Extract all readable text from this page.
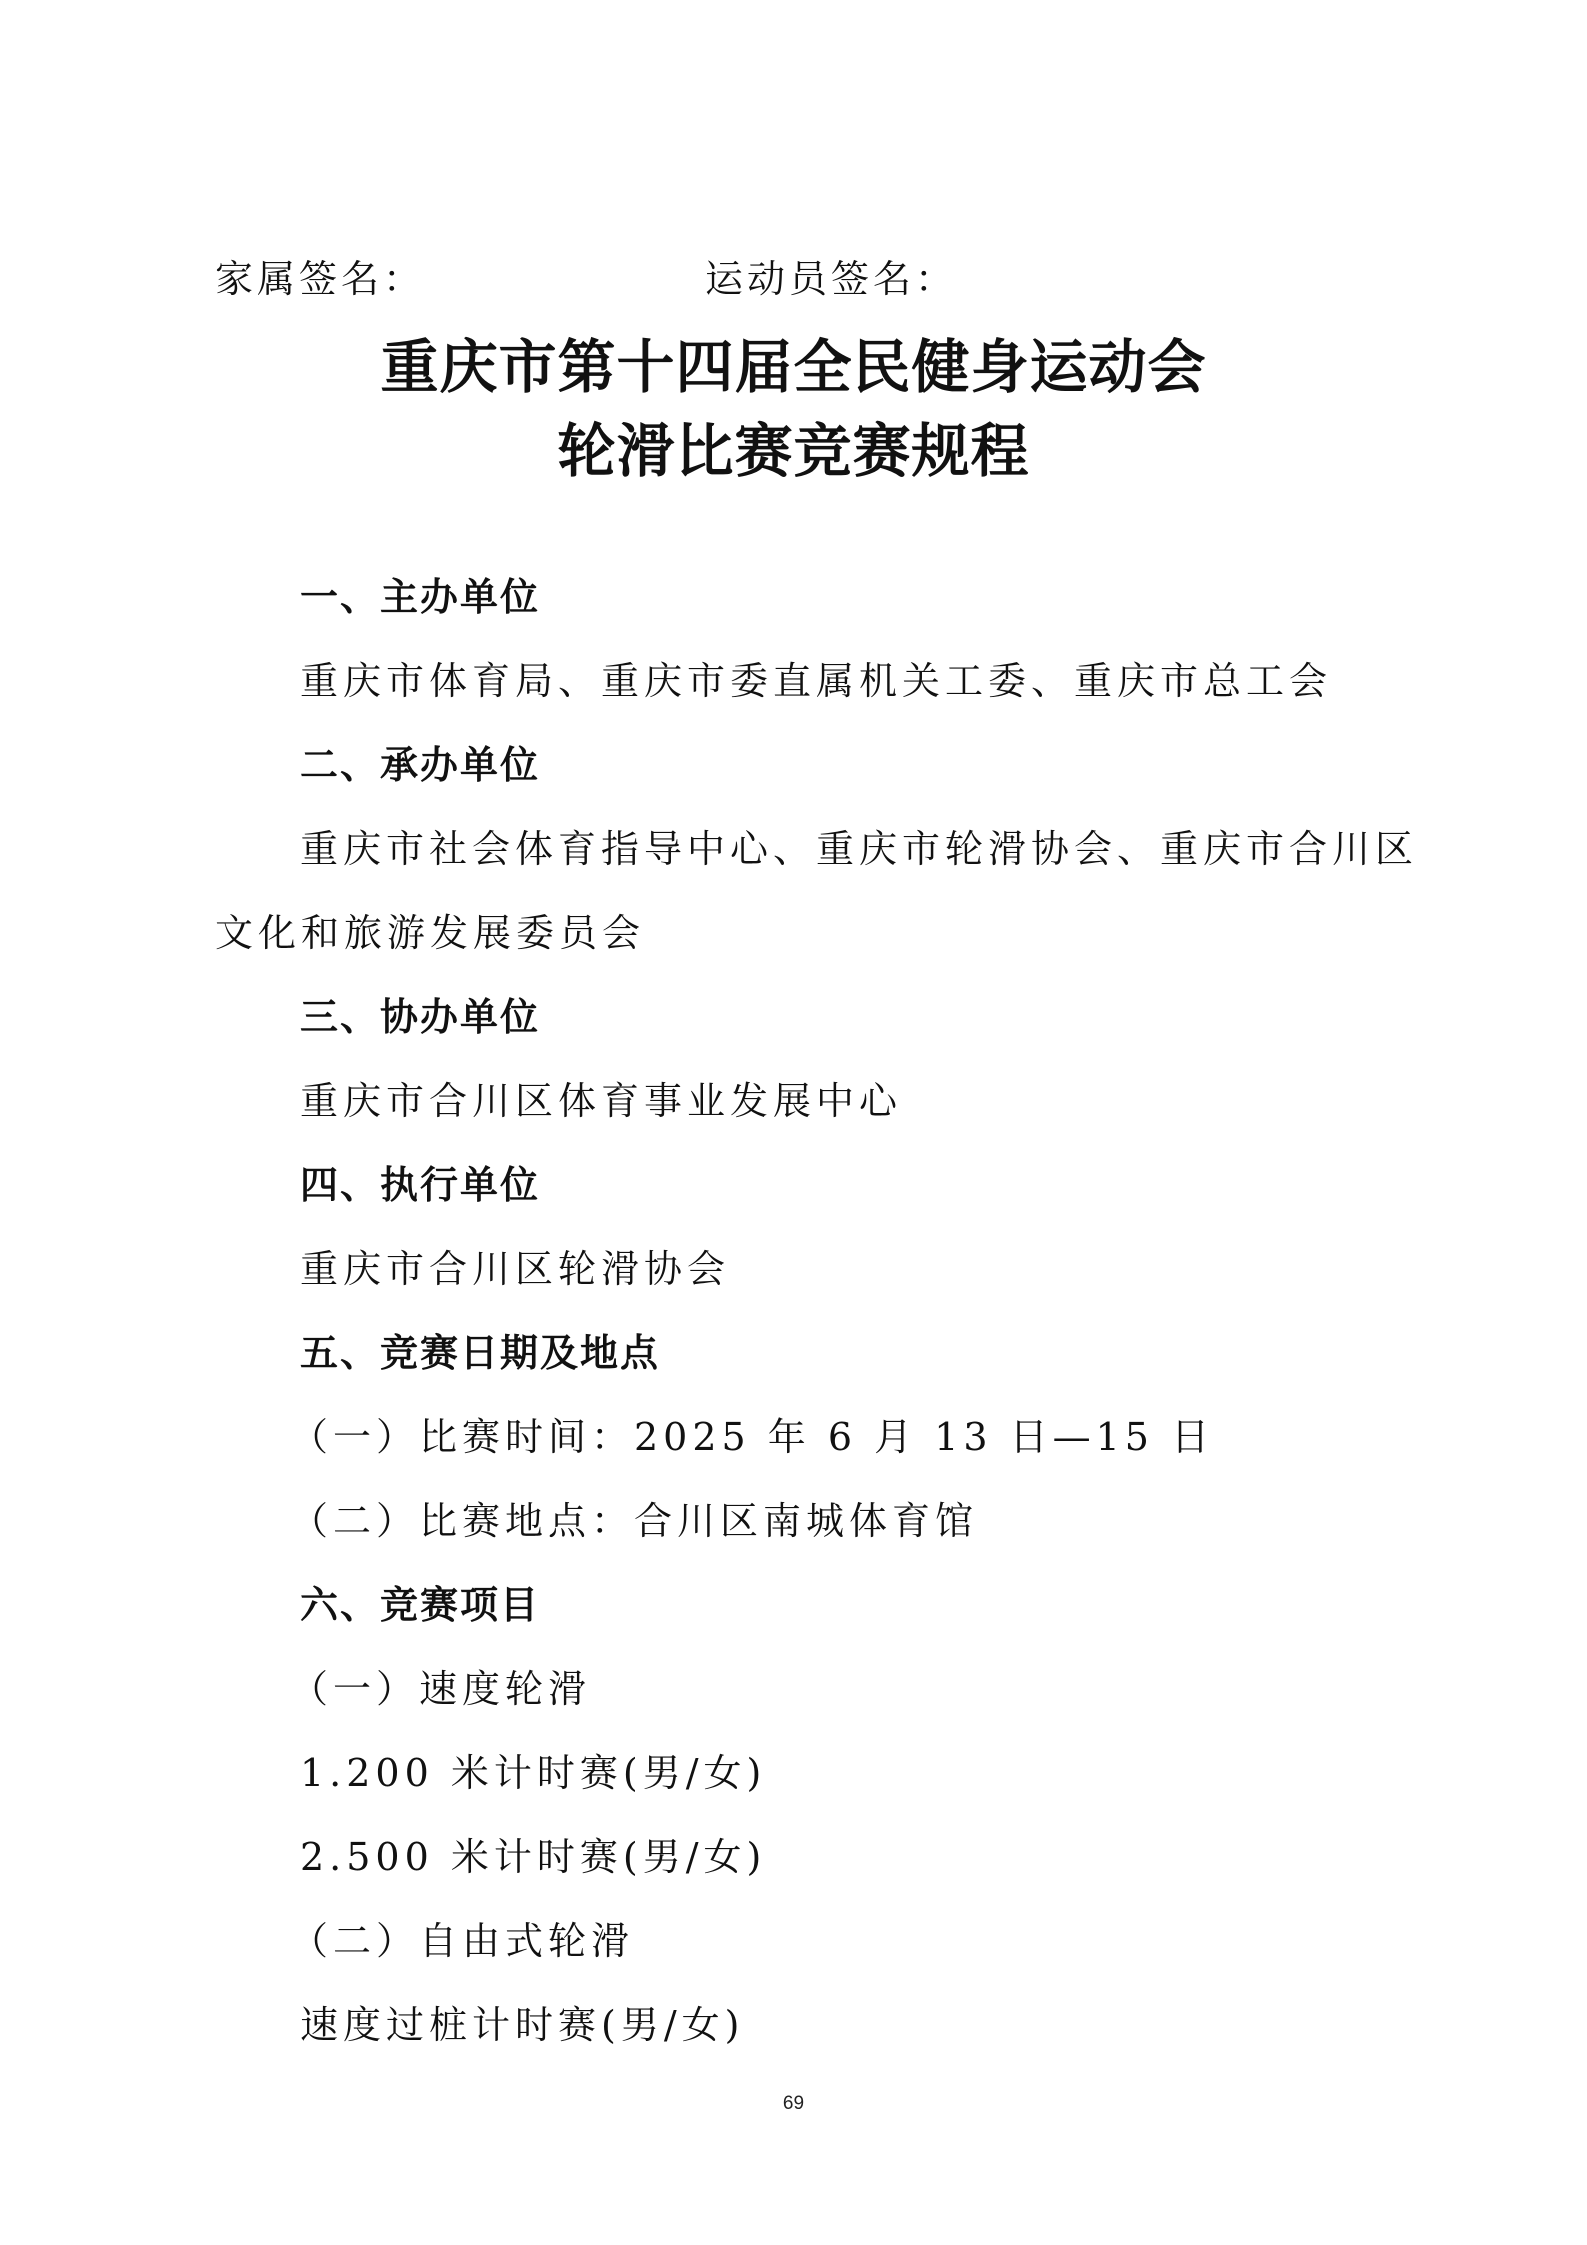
家属签名：	运动员签名：
重庆市第十四届全民健身运动会
轮滑比赛竞赛规程
一、主办单位
重庆市体育局、重庆市委直属机关工委、重庆市总工会
二、承办单位
重庆市社会体育指导中心、重庆市轮滑协会、重庆市合川区
文化和旅游发展委员会
三、协办单位
重庆市合川区体育事业发展中心
四、执行单位
重庆市合川区轮滑协会
五、竞赛日期及地点
（一）比赛时间：2025 年 6 月 13 日—15 日
（二）比赛地点：合川区南城体育馆
六、竞赛项目
（一）速度轮滑
1.200 米计时赛(男/女)
2.500 米计时赛(男/女)
（二）自由式轮滑
速度过桩计时赛(男/女)
69
